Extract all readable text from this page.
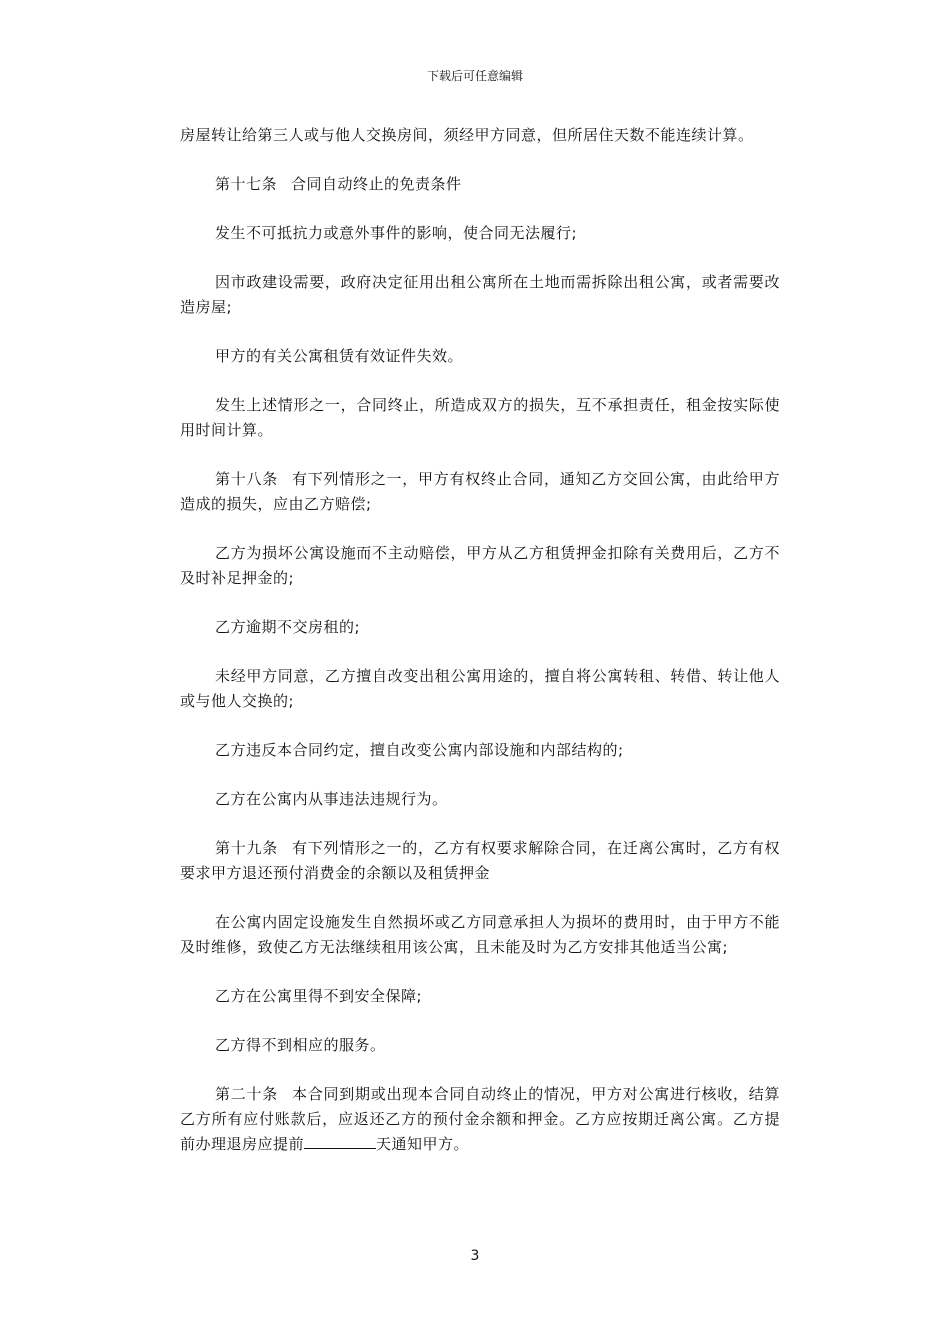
下载后可任意编辑

房屋转让给第三人或与他人交换房间，须经甲方同意，但所居住天数不能连续计算。

第十七条 合同自动终止的免责条件

发生不可抵抗力或意外事件的影响，使合同无法履行;

因市政建设需要，政府决定征用出租公寓所在土地而需拆除出租公寓，或者需要改造房屋;

甲方的有关公寓租赁有效证件失效。

发生上述情形之一，合同终止，所造成双方的损失，互不承担责任，租金按实际使用时间计算。

第十八条 有下列情形之一，甲方有权终止合同，通知乙方交回公寓，由此给甲方造成的损失，应由乙方赔偿;

乙方为损坏公寓设施而不主动赔偿，甲方从乙方租赁押金扣除有关费用后，乙方不及时补足押金的;

乙方逾期不交房租的;

未经甲方同意，乙方擅自改变出租公寓用途的，擅自将公寓转租、转借、转让他人或与他人交换的;

乙方违反本合同约定，擅自改变公寓内部设施和内部结构的;

乙方在公寓内从事违法违规行为。

第十九条 有下列情形之一的，乙方有权要求解除合同，在迁离公寓时，乙方有权要求甲方退还预付消费金的余额以及租赁押金

在公寓内固定设施发生自然损坏或乙方同意承担人为损坏的费用时，由于甲方不能及时维修，致使乙方无法继续租用该公寓，且未能及时为乙方安排其他适当公寓;

乙方在公寓里得不到安全保障;

乙方得不到相应的服务。

第二十条 本合同到期或出现本合同自动终止的情况，甲方对公寓进行核收，结算乙方所有应付账款后，应返还乙方的预付金余额和押金。乙方应按期迁离公寓。乙方提前办理退房应提前	天通知甲方。

3
